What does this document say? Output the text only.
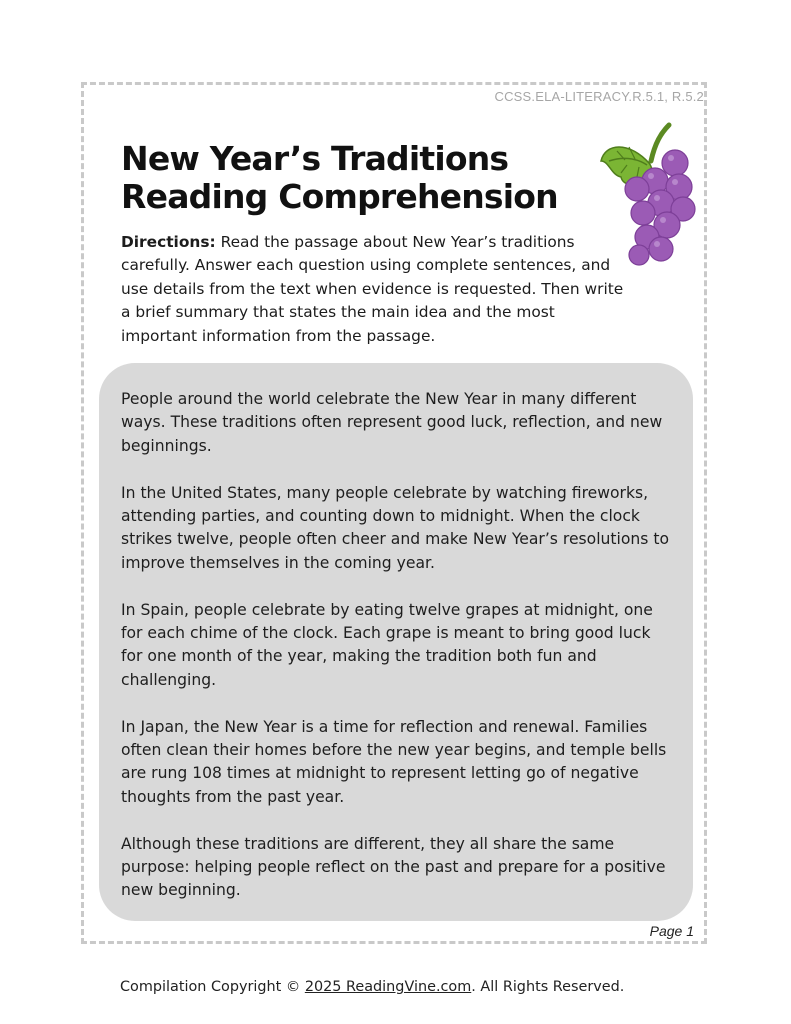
CCSS.ELA-LITERACY.R.5.1, R.5.2
New Year’s Traditions
Reading Comprehension

Directions: Read the passage about New Year’s traditions carefully. Answer each question using complete sentences, and use details from the text when evidence is requested. Then write a brief summary that states the main idea and the most important information from the passage.

People around the world celebrate the New Year in many different ways. These traditions often represent good luck, reflection, and new beginnings.

In the United States, many people celebrate by watching fireworks, attending parties, and counting down to midnight. When the clock strikes twelve, people often cheer and make New Year’s resolutions to improve themselves in the coming year.

In Spain, people celebrate by eating twelve grapes at midnight, one for each chime of the clock. Each grape is meant to bring good luck for one month of the year, making the tradition both fun and challenging.

In Japan, the New Year is a time for reflection and renewal. Families often clean their homes before the new year begins, and temple bells are rung 108 times at midnight to represent letting go of negative thoughts from the past year.

Although these traditions are different, they all share the same purpose: helping people reflect on the past and prepare for a positive new beginning.

Page 1
Compilation Copyright © 2025 ReadingVine.com. All Rights Reserved.
